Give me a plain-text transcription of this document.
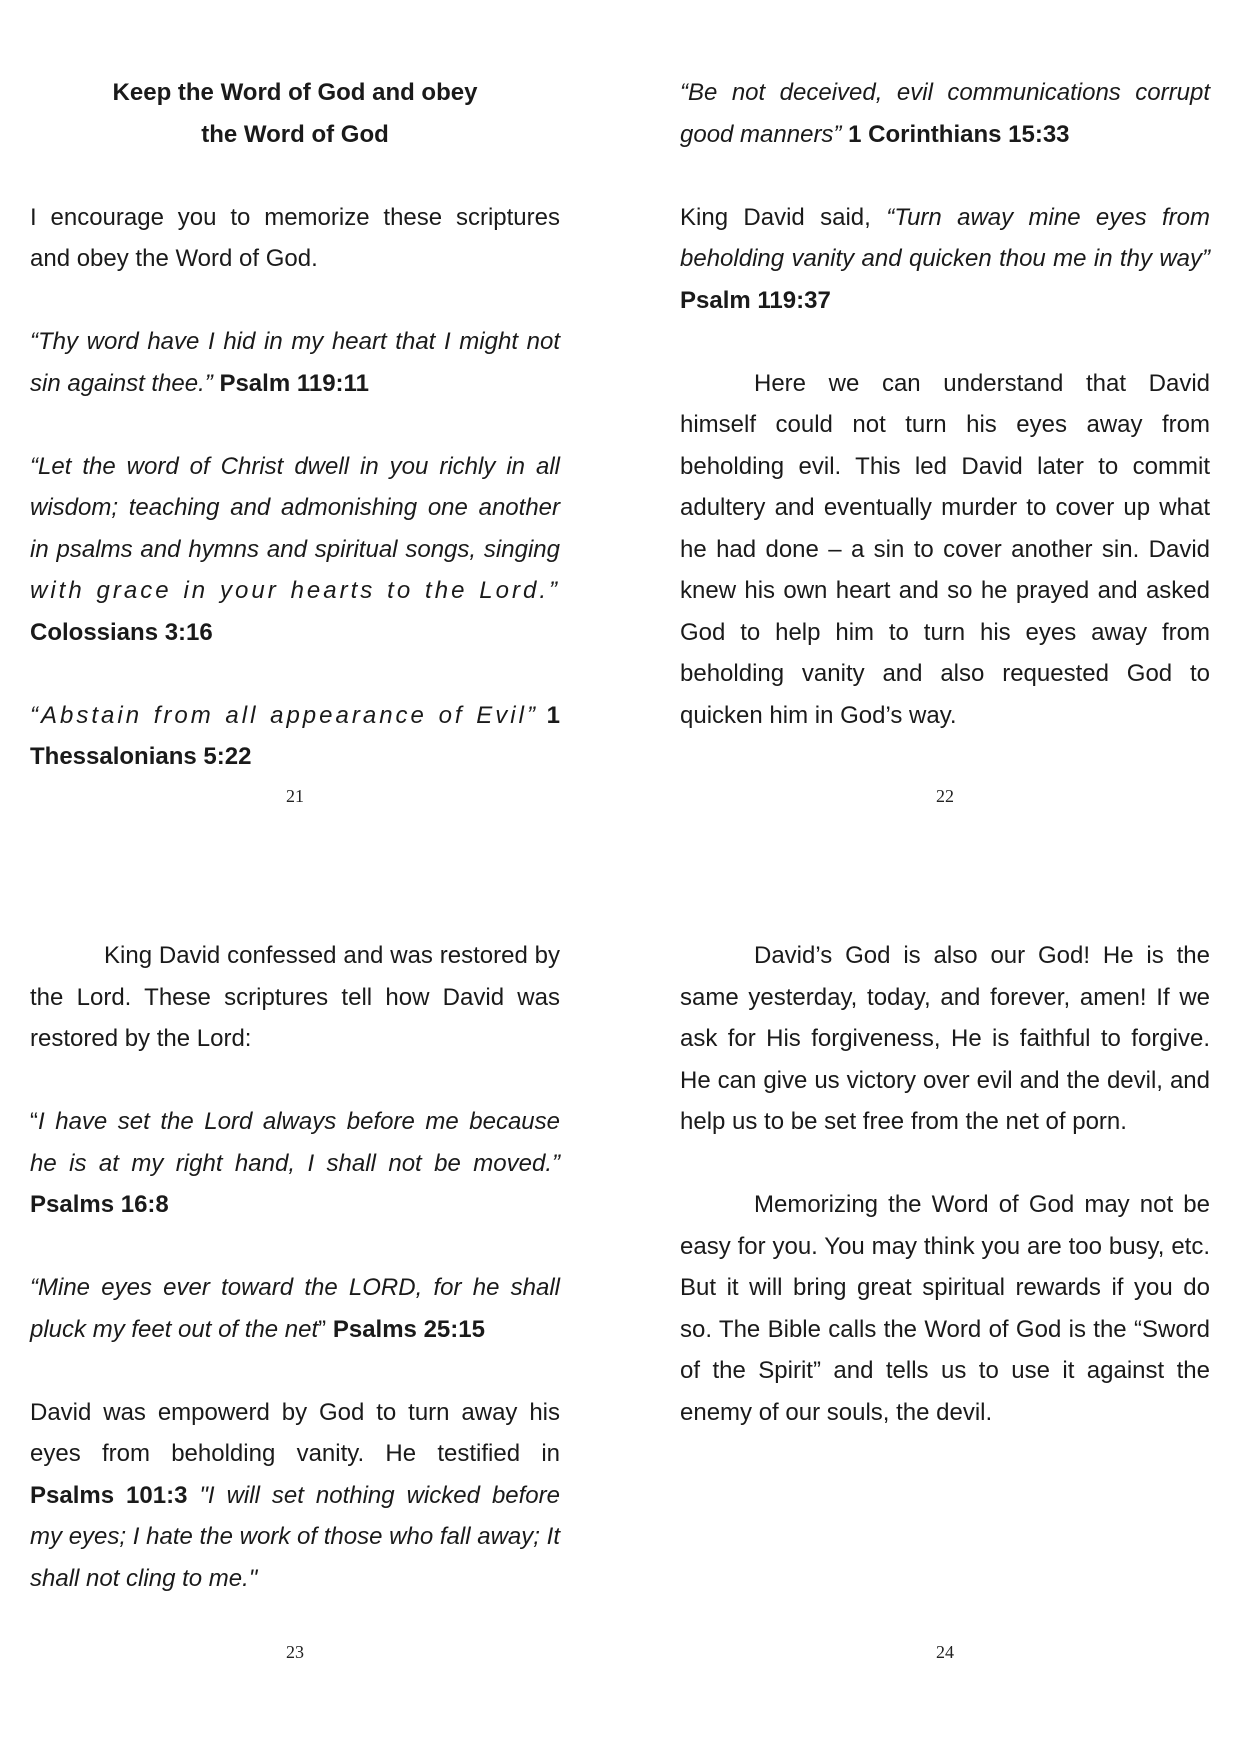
Keep the Word of God and obey
the Word of God

I encourage you to memorize these scriptures and obey the Word of God.

“Thy word have I hid in my heart that I might not sin against thee.” Psalm 119:11

“Let the word of Christ dwell in you richly in all wisdom; teaching and admonishing one another in psalms and hymns and spiritual songs, singing with grace in your hearts to the Lord.” Colossians 3:16

“Abstain from all appearance of Evil” 1 Thessalonians 5:22

21

“Be not deceived, evil communications corrupt good manners” 1 Corinthians 15:33

King David said, “Turn away mine eyes from beholding vanity and quicken thou me in thy way” Psalm 119:37

Here we can understand that David himself could not turn his eyes away from beholding evil. This led David later to commit adultery and eventually murder to cover up what he had done – a sin to cover another sin. David knew his own heart and so he prayed and asked God to help him to turn his eyes away from beholding vanity and also requested God to quicken him in God’s way.

22

King David confessed and was restored by the Lord. These scriptures tell how David was restored by the Lord:

“I have set the Lord always before me because he is at my right hand, I shall not be moved.” Psalms 16:8

“Mine eyes ever toward the LORD, for he shall pluck my feet out of the net” Psalms 25:15

David was empowerd by God to turn away his eyes from beholding vanity. He testified in Psalms 101:3 "I will set nothing wicked before my eyes; I hate the work of those who fall away; It shall not cling to me."

23

David’s God is also our God! He is the same yesterday, today, and forever, amen! If we ask for His forgiveness, He is faithful to forgive. He can give us victory over evil and the devil, and help us to be set free from the net of porn.

Memorizing the Word of God may not be easy for you. You may think you are too busy, etc. But it will bring great spiritual rewards if you do so. The Bible calls the Word of God is the “Sword of the Spirit” and tells us to use it against the enemy of our souls, the devil.

24
